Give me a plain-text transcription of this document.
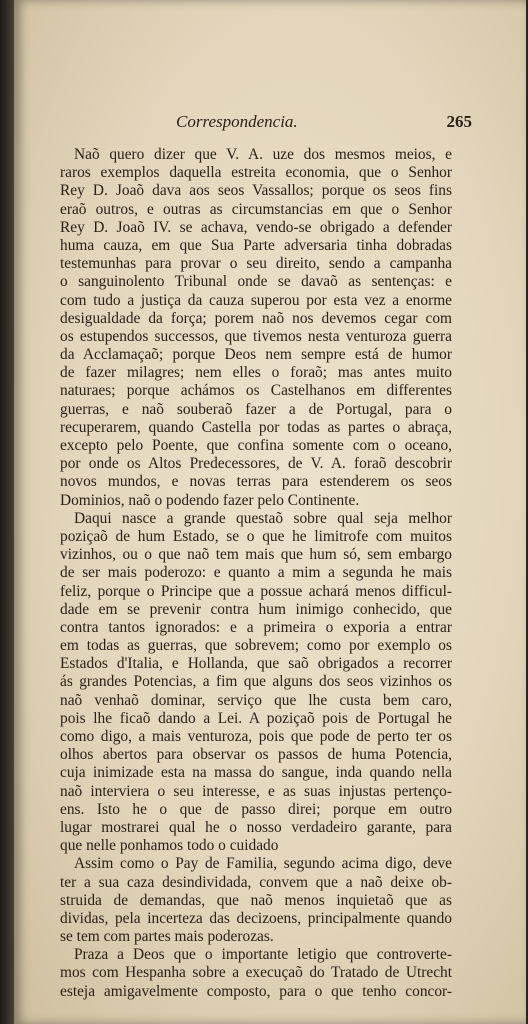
Correspondencia.	265
Naõ quero dizer que V. A. uze dos mesmos meios, e
raros exemplos daquella estreita economia, que o Senhor
Rey D. Joaõ dava aos seos Vassallos; porque os seos fins
eraõ outros, e outras as circumstancias em que o Senhor
Rey D. Joaõ IV. se achava, vendo-se obrigado a defender
huma cauza, em que Sua Parte adversaria tinha dobradas
testemunhas para provar o seu direito, sendo a campanha
o sanguinolento Tribunal onde se davaõ as sentenças: e
com tudo a justiça da cauza superou por esta vez a enorme
desigualdade da força; porem naõ nos devemos cegar com
os estupendos successos, que tivemos nesta venturoza guerra
da Acclamaçaõ; porque Deos nem sempre está de humor
de fazer milagres; nem elles o foraõ; mas antes muito
naturaes; porque achámos os Castelhanos em differentes
guerras, e naõ souberaõ fazer a de Portugal, para o
recuperarem, quando Castella por todas as partes o abraça,
excepto pelo Poente, que confina somente com o oceano,
por onde os Altos Predecessores, de V. A. foraõ descobrir
novos mundos, e novas terras para estenderem os seos
Dominios, naõ o podendo fazer pelo Continente.
Daqui nasce a grande questaõ sobre qual seja melhor
poziçaõ de hum Estado, se o que he limitrofe com muitos
vizinhos, ou o que naõ tem mais que hum só, sem embargo
de ser mais poderozo: e quanto a mim a segunda he mais
feliz, porque o Principe que a possue achará menos difficul-
dade em se prevenir contra hum inimigo conhecido, que
contra tantos ignorados: e a primeira o exporia a entrar
em todas as guerras, que sobrevem; como por exemplo os
Estados d'Italia, e Hollanda, que saõ obrigados a recorrer
ás grandes Potencias, a fim que alguns dos seos vizinhos os
naõ venhaõ dominar, serviço que lhe custa bem caro,
pois lhe ficaõ dando a Lei. A poziçaõ pois de Portugal he
como digo, a mais venturoza, pois que pode de perto ter os
olhos abertos para observar os passos de huma Potencia,
cuja inimizade esta na massa do sangue, inda quando nella
naõ interviera o seu interesse, e as suas injustas pertenço-
ens. Isto he o que de passo direi; porque em outro
lugar mostrarei qual he o nosso verdadeiro garante, para
que nelle ponhamos todo o cuidado
Assim como o Pay de Familia, segundo acima digo, deve
ter a sua caza desindividada, convem que a naõ deixe ob-
struida de demandas, que naõ menos inquietaõ que as
dividas, pela incerteza das decizoens, principalmente quando
se tem com partes mais poderozas.
Praza a Deos que o importante letigio que controverte-
mos com Hespanha sobre a execuçaõ do Tratado de Utrecht
esteja amigavelmente composto, para o que tenho concor-
